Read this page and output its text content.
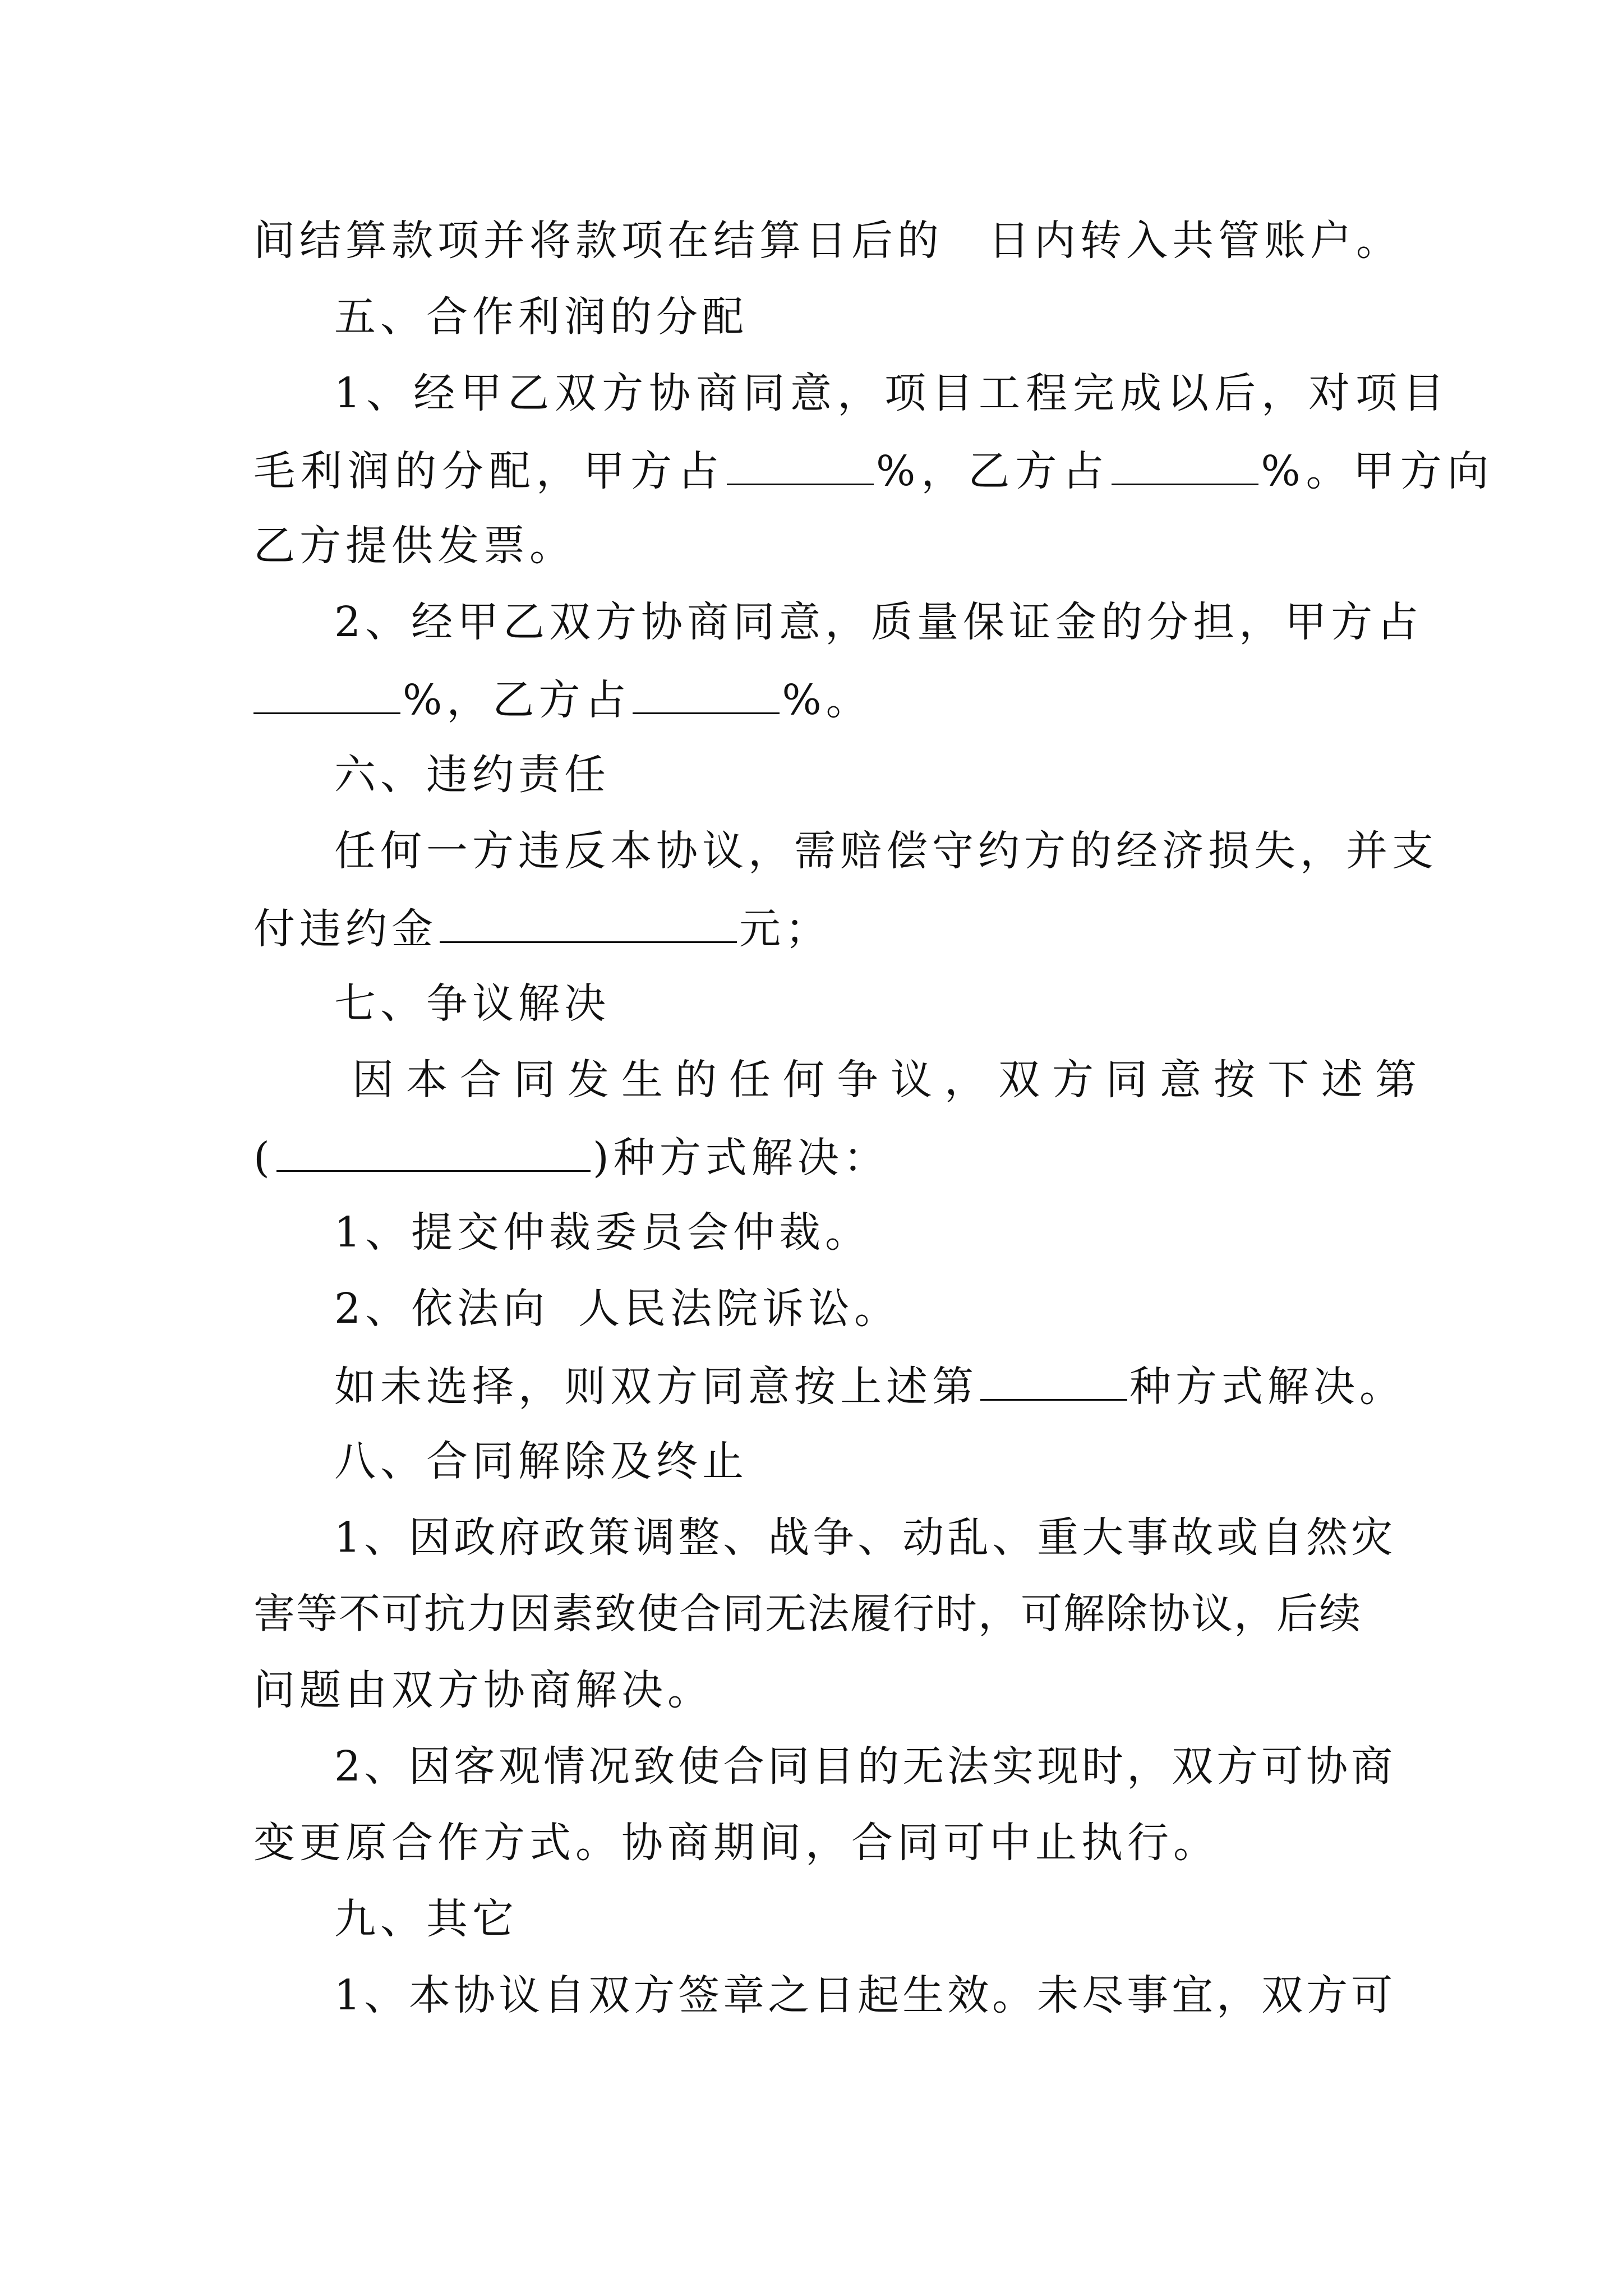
间结算款项并将款项在结算日后的 日内转入共管账户。
五、合作利润的分配
1、经甲乙双方协商同意，项目工程完成以后，对项目
毛利润的分配，甲方占	%，乙方占	%。甲方向
乙方提供发票。
2、经甲乙双方协商同意，质量保证金的分担，甲方占
%，乙方占	%。
六、违约责任
任何一方违反本协议，需赔偿守约方的经济损失，并支
付违约金	元；
七、争议解决
因本合同发生的任何争议，双方同意按下述第
(	)种方式解决：
1、提交仲裁委员会仲裁。
2、依法向 人民法院诉讼。
如未选择，则双方同意按上述第	种方式解决。
八、合同解除及终止
1、因政府政策调整、战争、动乱、重大事故或自然灾
害等不可抗力因素致使合同无法履行时，可解除协议，后续
问题由双方协商解决。
2、因客观情况致使合同目的无法实现时，双方可协商
变更原合作方式。协商期间，合同可中止执行。
九、其它
1、本协议自双方签章之日起生效。未尽事宜，双方可
